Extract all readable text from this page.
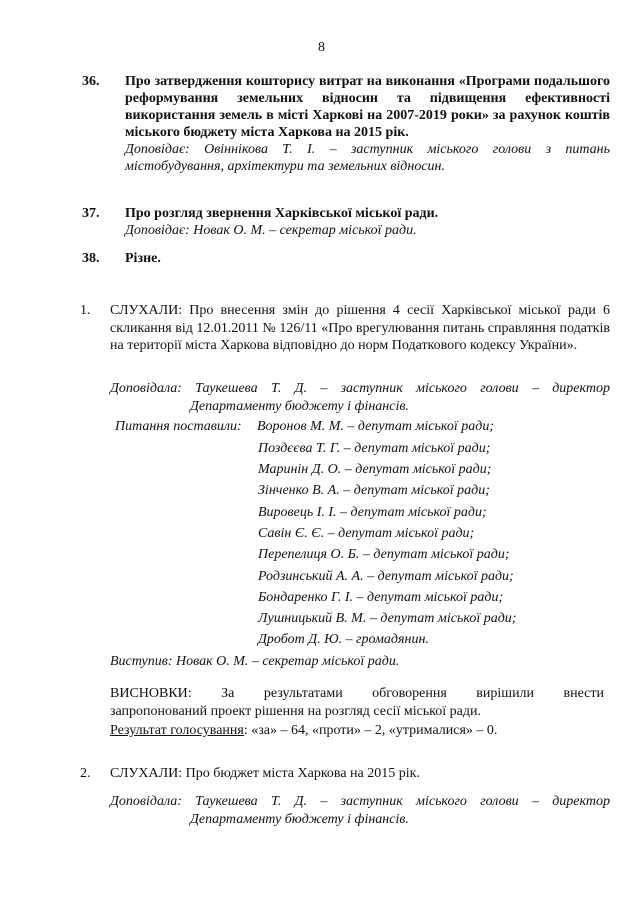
8
36. Про затвердження кошторису витрат на виконання «Програми подальшого реформування земельних відносин та підвищення ефективності використання земель в місті Харкові на 2007-2019 роки» за рахунок коштів міського бюджету міста Харкова на 2015 рік.
Доповідає: Овіннікова Т. І. – заступник міського голови з питань містобудування, архітектури та земельних відносин.
37. Про розгляд звернення Харківської міської ради.
Доповідає: Новак О. М. – секретар міської ради.
38. Різне.
1. СЛУХАЛИ: Про внесення змін до рішення 4 сесії Харківської міської ради 6 скликання від 12.01.2011 № 126/11 «Про врегулювання питань справляння податків на території міста Харкова відповідно до норм Податкового кодексу України».
Доповідала: Таукешева Т. Д. – заступник міського голови – директор
Департаменту бюджету і фінансів.
Питання поставили: Воронов М. М. – депутат міської ради;
Поздєєва Т. Г. – депутат міської ради;
Маринін Д. О. – депутат міської ради;
Зінченко В. А. – депутат міської ради;
Вировець І. І. – депутат міської ради;
Савін Є. Є. – депутат міської ради;
Перепелиця О. Б. – депутат міської ради;
Родзинський А. А. – депутат міської ради;
Бондаренко Г. І. – депутат міської ради;
Лушницький В. М. – депутат міської ради;
Дробот Д. Ю. – громадянин.
Виступив: Новак О. М. – секретар міської ради.
ВИСНОВКИ: За результатами обговорення вирішили внести
запропонований проект рішення на розгляд сесії міської ради.
Результат голосування: «за» – 64, «проти» – 2, «утрималися» – 0.
2. СЛУХАЛИ: Про бюджет міста Харкова на 2015 рік.
Доповідала: Таукешева Т. Д. – заступник міського голови – директор
Департаменту бюджету і фінансів.
